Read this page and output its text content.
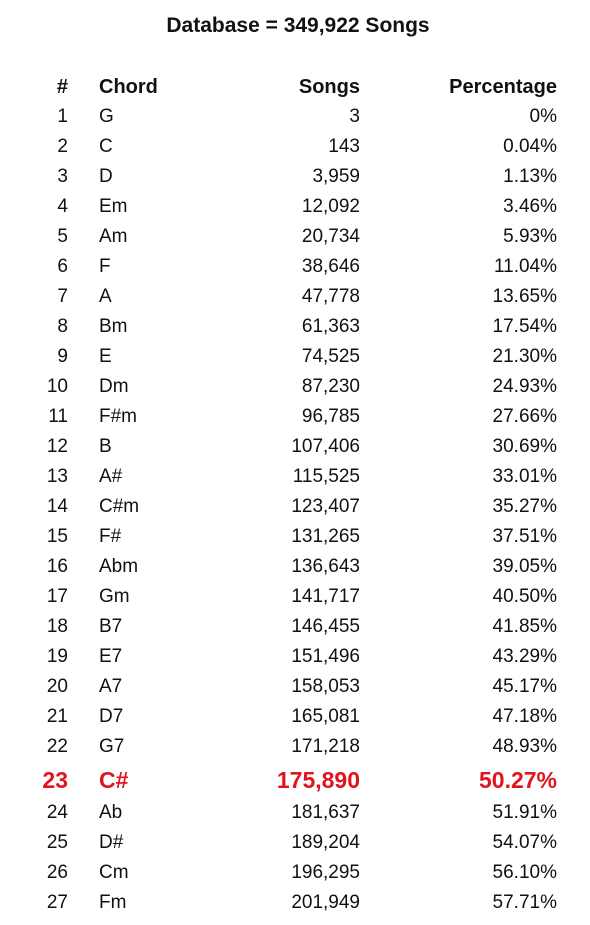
Database = 349,922 Songs
# Chord	Songs	Percentage
1 G	3	0%
2 C	143	0.04%
3 D	3,959	1.13%
4 Em	12,092	3.46%
5 Am	20,734	5.93%
6 F	38,646	11.04%
7 A	47,778	13.65%
8 Bm	61,363	17.54%
9 E	74,525	21.30%
10 Dm	87,230	24.93%
11 F#m	96,785	27.66%
12 B	107,406	30.69%
13 A#	115,525	33.01%
14 C#m	123,407	35.27%
15 F#	131,265	37.51%
16 Abm	136,643	39.05%
17 Gm	141,717	40.50%
18 B7	146,455	41.85%
19 E7	151,496	43.29%
20 A7	158,053	45.17%
21 D7	165,081	47.18%
22 G7	171,218	48.93%
23 C#	175,890	50.27%
24 Ab	181,637	51.91%
25 D#	189,204	54.07%
26 Cm	196,295	56.10%
27 Fm	201,949	57.71%
